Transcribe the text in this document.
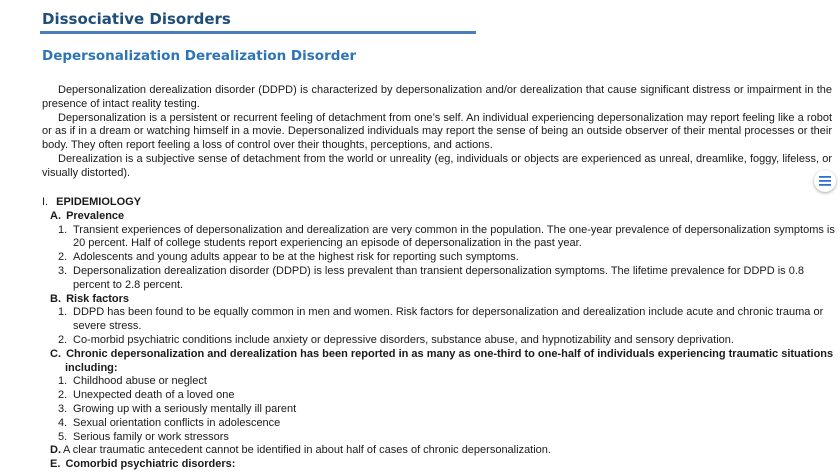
Dissociative Disorders
Depersonalization Derealization Disorder

Depersonalization derealization disorder (DDPD) is characterized by depersonalization and/or derealization that cause significant distress or impairment in the presence of intact reality testing.

Depersonalization is a persistent or recurrent feeling of detachment from one’s self. An individual experiencing depersonalization may report feeling like a robot or as if in a dream or watching himself in a movie. Depersonalized individuals may report the sense of being an outside observer of their mental processes or their body. They often report feeling a loss of control over their thoughts, perceptions, and actions.

Derealization is a subjective sense of detachment from the world or unreality (eg, individuals or objects are experienced as unreal, dreamlike, foggy, lifeless, or visually distorted).

I. EPIDEMIOLOGY
A. Prevalence
1. Transient experiences of depersonalization and derealization are very common in the population. The one-year prevalence of depersonalization symptoms is 20 percent. Half of college students report experiencing an episode of depersonalization in the past year.
2. Adolescents and young adults appear to be at the highest risk for reporting such symptoms.
3. Depersonalization derealization disorder (DDPD) is less prevalent than transient depersonalization symptoms. The lifetime prevalence for DDPD is 0.8 percent to 2.8 percent.
B. Risk factors
1. DDPD has been found to be equally common in men and women. Risk factors for depersonalization and derealization include acute and chronic trauma or severe stress.
2. Co-morbid psychiatric conditions include anxiety or depressive disorders, substance abuse, and hypnotizability and sensory deprivation.
C. Chronic depersonalization and derealization has been reported in as many as one-third to one-half of individuals experiencing traumatic situations including:
1. Childhood abuse or neglect
2. Unexpected death of a loved one
3. Growing up with a seriously mentally ill parent
4. Sexual orientation conflicts in adolescence
5. Serious family or work stressors
D. A clear traumatic antecedent cannot be identified in about half of cases of chronic depersonalization.
E. Comorbid psychiatric disorders:
